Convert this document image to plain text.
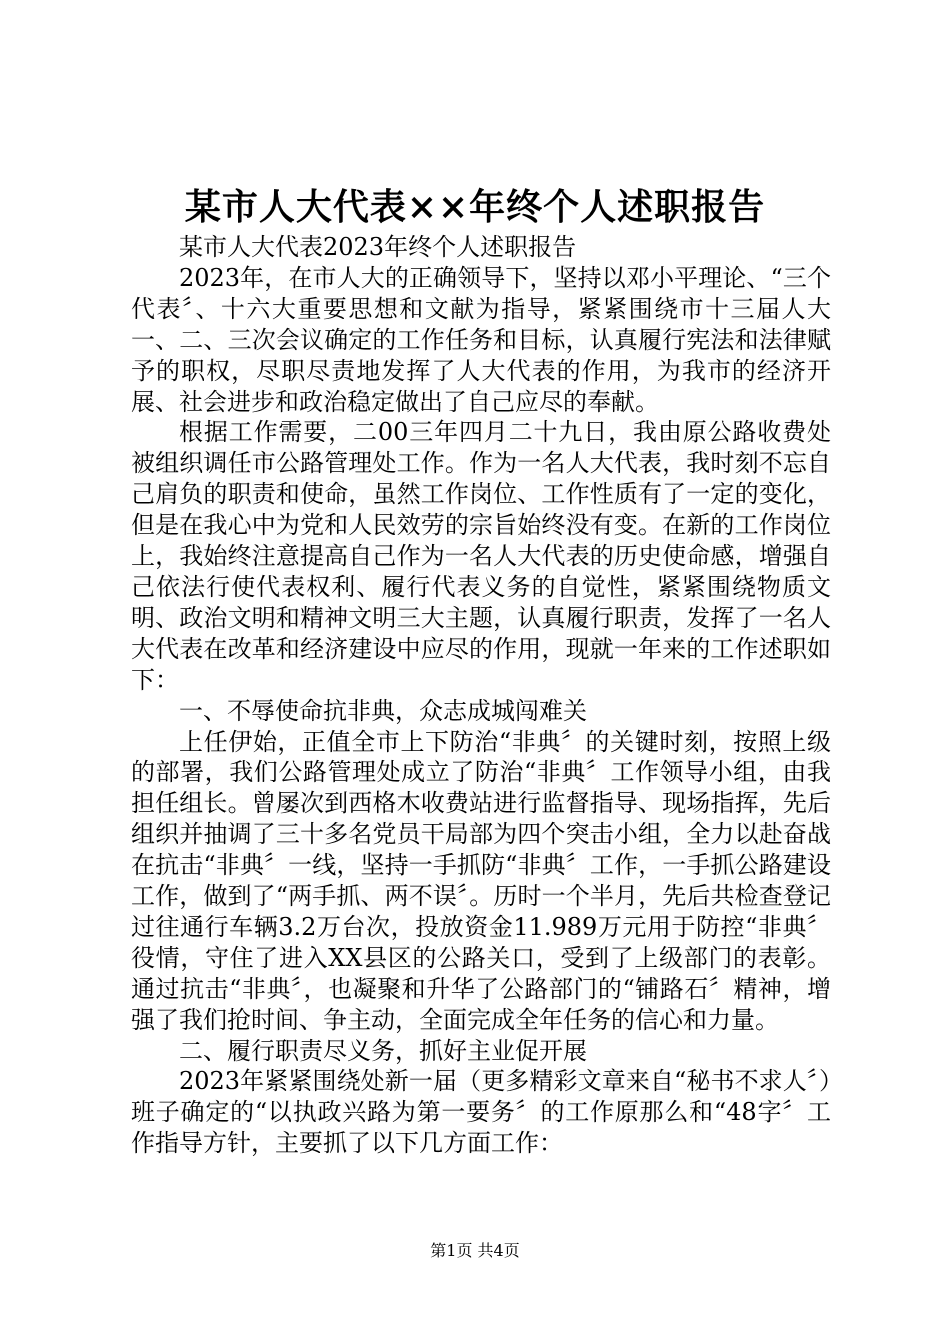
某市人大代表××年终个人述职报告

某市人大代表2023年终个人述职报告

2023年，在市人大的正确领导下，坚持以邓小平理论、“三个代表〞、十六大重要思想和文献为指导，紧紧围绕市十三届人大一、二、三次会议确定的工作任务和目标，认真履行宪法和法律赋予的职权，尽职尽责地发挥了人大代表的作用，为我市的经济开展、社会进步和政治稳定做出了自己应尽的奉献。

根据工作需要，二00三年四月二十九日，我由原公路收费处被组织调任市公路管理处工作。作为一名人大代表，我时刻不忘自己肩负的职责和使命，虽然工作岗位、工作性质有了一定的变化，但是在我心中为党和人民效劳的宗旨始终没有变。在新的工作岗位上，我始终注意提高自己作为一名人大代表的历史使命感，增强自己依法行使代表权利、履行代表义务的自觉性，紧紧围绕物质文明、政治文明和精神文明三大主题，认真履行职责，发挥了一名人大代表在改革和经济建设中应尽的作用，现就一年来的工作述职如下：

一、不辱使命抗非典，众志成城闯难关

上任伊始，正值全市上下防治“非典〞的关键时刻，按照上级的部署，我们公路管理处成立了防治“非典〞工作领导小组，由我担任组长。曾屡次到西格木收费站进行监督指导、现场指挥，先后组织并抽调了三十多名党员干局部为四个突击小组，全力以赴奋战在抗击“非典〞一线，坚持一手抓防“非典〞工作，一手抓公路建设工作，做到了“两手抓、两不误〞。历时一个半月，先后共检查登记过往通行车辆3.2万台次，投放资金11.989万元用于防控“非典〞役情，守住了进入XX县区的公路关口，受到了上级部门的表彰。通过抗击“非典〞，也凝聚和升华了公路部门的“铺路石〞精神，增强了我们抢时间、争主动，全面完成全年任务的信心和力量。

二、履行职责尽义务，抓好主业促开展

2023年紧紧围绕处新一届（更多精彩文章来自“秘书不求人〞）班子确定的“以执政兴路为第一要务〞的工作原那么和“48字〞工作指导方针，主要抓了以下几方面工作：

第1页 共4页
